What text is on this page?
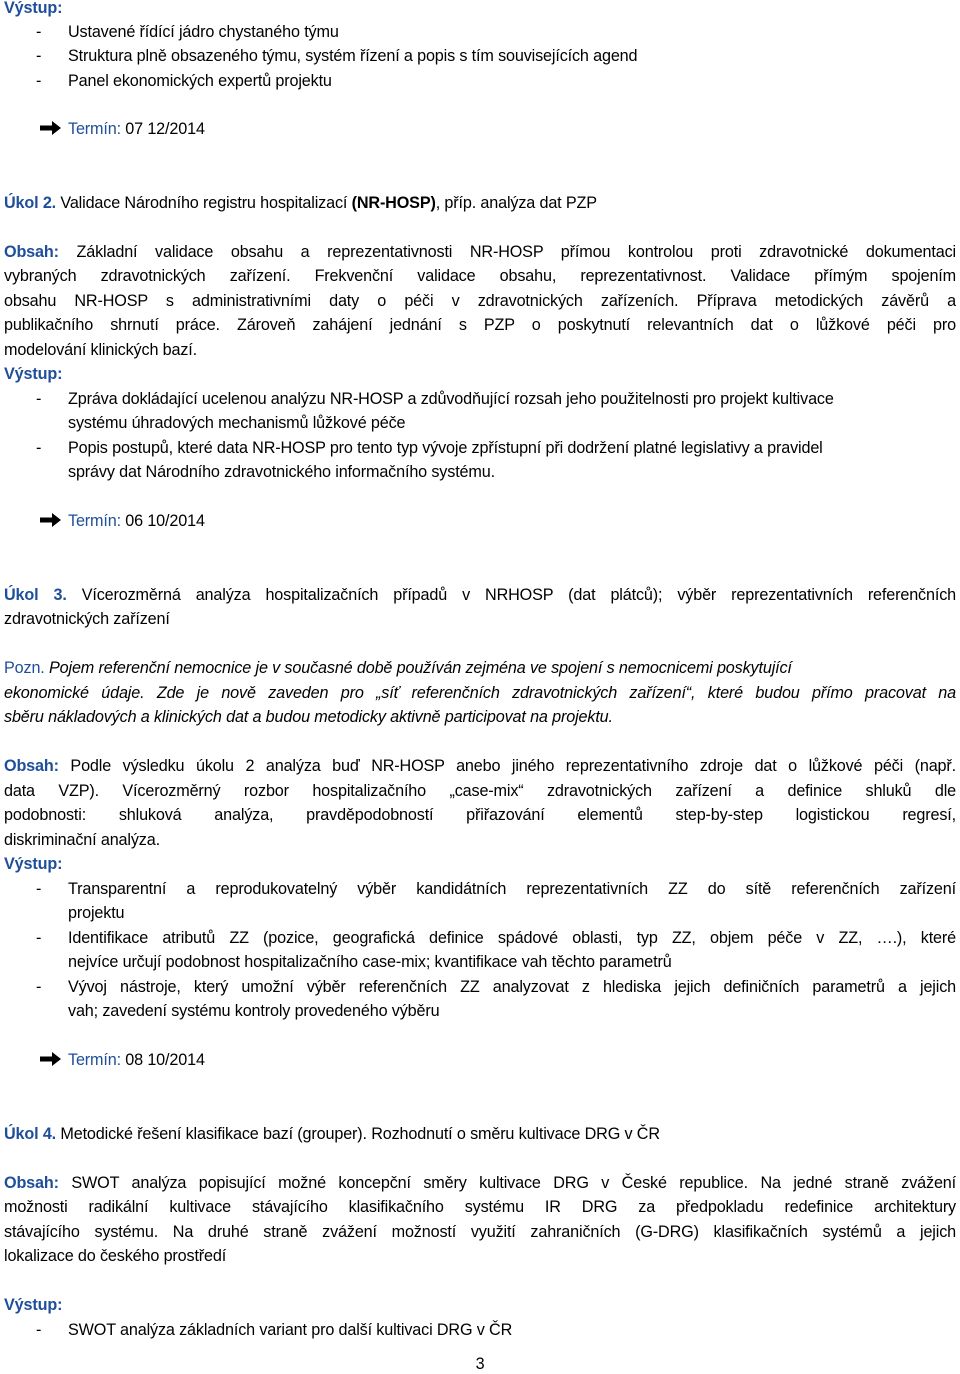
Výstup:
- Ustavené řídící jádro chystaného týmu
- Struktura plně obsazeného týmu, systém řízení a popis s tím souvisejících agend
- Panel ekonomických expertů projektu
Termín: 07 12/2014
Úkol 2. Validace Národního registru hospitalizací (NR-HOSP), příp. analýza dat PZP
Obsah: Základní validace obsahu a reprezentativnosti NR-HOSP přímou kontrolou proti zdravotnické dokumentaci
vybraných zdravotnických zařízení. Frekvenční validace obsahu, reprezentativnost. Validace přímým spojením
obsahu NR-HOSP s administrativními daty o péči v zdravotnických zařízeních. Příprava metodických závěrů a
publikačního shrnutí práce. Zároveň zahájení jednání s PZP o poskytnutí relevantních dat o lůžkové péči pro
modelování klinických bazí.
Výstup:
- Zpráva dokládající ucelenou analýzu NR-HOSP a zdůvodňující rozsah jeho použitelnosti pro projekt kultivace
systému úhradových mechanismů lůžkové péče
- Popis postupů, které data NR-HOSP pro tento typ vývoje zpřístupní při dodržení platné legislativy a pravidel
správy dat Národního zdravotnického informačního systému.
Termín: 06 10/2014
Úkol 3. Vícerozměrná analýza hospitalizačních případů v NRHOSP (dat plátců); výběr reprezentativních referenčních
zdravotnických zařízení
Pozn. Pojem referenční nemocnice je v současné době používán zejména ve spojení s nemocnicemi poskytující
ekonomické údaje. Zde je nově zaveden pro „síť referenčních zdravotnických zařízení“, které budou přímo pracovat na
sběru nákladových a klinických dat a budou metodicky aktivně participovat na projektu.
Obsah: Podle výsledku úkolu 2 analýza buď NR-HOSP anebo jiného reprezentativního zdroje dat o lůžkové péči (např.
data VZP). Vícerozměrný rozbor hospitalizačního „case-mix“ zdravotnických zařízení a definice shluků dle
podobnosti: shluková analýza, pravděpodobností přiřazování elementů step-by-step logistickou regresí,
diskriminační analýza.
Výstup:
- Transparentní a reprodukovatelný výběr kandidátních reprezentativních ZZ do sítě referenčních zařízení
projektu
- Identifikace atributů ZZ (pozice, geografická definice spádové oblasti, typ ZZ, objem péče v ZZ, ….), které
nejvíce určují podobnost hospitalizačního case-mix; kvantifikace vah těchto parametrů
- Vývoj nástroje, který umožní výběr referenčních ZZ analyzovat z hlediska jejich definičních parametrů a jejich
vah; zavedení systému kontroly provedeného výběru
Termín: 08 10/2014
Úkol 4. Metodické řešení klasifikace bazí (grouper). Rozhodnutí o směru kultivace DRG v ČR
Obsah: SWOT analýza popisující možné koncepční směry kultivace DRG v České republice. Na jedné straně zvážení
možnosti radikální kultivace stávajícího klasifikačního systému IR DRG za předpokladu redefinice architektury
stávajícího systému. Na druhé straně zvážení možností využití zahraničních (G-DRG) klasifikačních systémů a jejich
lokalizace do českého prostředí
Výstup:
- SWOT analýza základních variant pro další kultivaci DRG v ČR
3
